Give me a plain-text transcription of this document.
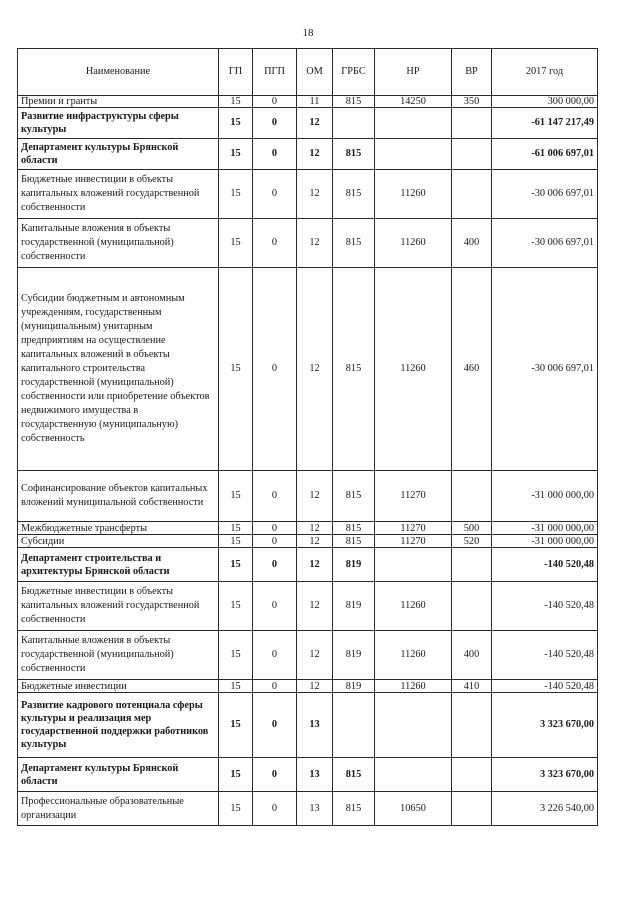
18
Наименование	ГП	ПГП	ОМ	ГРБС	НР	ВР	2017 год
Премии и гранты	15	0	11	815	14250	350	300 000,00
Развитие инфраструктуры сферы культуры	15	0	12				-61 147 217,49
Департамент культуры Брянской области	15	0	12	815			-61 006 697,01
Бюджетные инвестиции в объекты капитальных вложений государственной собственности	15	0	12	815	11260		-30 006 697,01
Капитальные вложения в объекты государственной (муниципальной) собственности	15	0	12	815	11260	400	-30 006 697,01
Субсидии бюджетным и автономным учреждениям, государственным (муниципальным) унитарным предприятиям на осуществление капитальных вложений в объекты капитального строительства государственной (муниципальной) собственности или приобретение объектов недвижимого имущества в государственную (муниципальную) собственность	15	0	12	815	11260	460	-30 006 697,01
Софинансирование объектов капитальных вложений муниципальной собственности	15	0	12	815	11270		-31 000 000,00
Межбюджетные трансферты	15	0	12	815	11270	500	-31 000 000,00
Субсидии	15	0	12	815	11270	520	-31 000 000,00
Департамент строительства и архитектуры Брянской области	15	0	12	819			-140 520,48
Бюджетные инвестиции в объекты капитальных вложений государственной собственности	15	0	12	819	11260		-140 520,48
Капитальные вложения в объекты государственной (муниципальной) собственности	15	0	12	819	11260	400	-140 520,48
Бюджетные инвестиции	15	0	12	819	11260	410	-140 520,48
Развитие кадрового потенциала сферы культуры и реализация мер государственной поддержки работников культуры	15	0	13				3 323 670,00
Департамент культуры Брянской области	15	0	13	815			3 323 670,00
Профессиональные образовательные организации	15	0	13	815	10650		3 226 540,00
